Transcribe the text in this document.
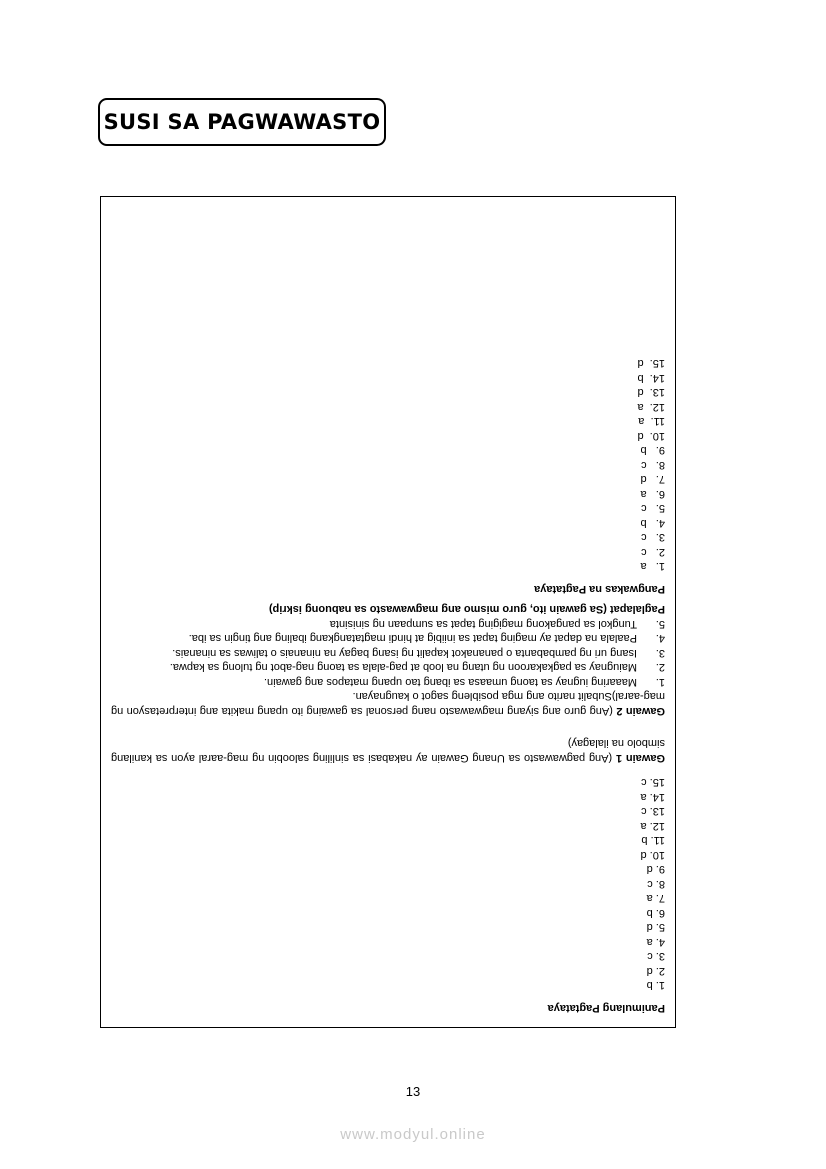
SUSI SA PAGWAWASTO

Panimulang Pagtataya

1. b
2. d
3. c
4. a
5. d
6. b
7. a
8. c
9. d
10. d
11. b
12. a
13. c
14. a
15. c

Gawain 1 (Ang pagwawasto sa Unang Gawain ay nakabasi sa sinliling saloobin ng mag-aaral ayon sa kanilang simbolo na ilalagay)

Gawain 2 (Ang guro ang siyang magwawasto nang personal sa gawaing ito upang makita ang interpretasyon ng mag-aaral)Subalit narito ang mga posibleng sagot o kaugnayan.

1.
Maaaring iugnay sa taong umaasa sa ibang tao upang matapos ang gawain.
2.
Maiugnay sa pagkakaroon ng utang na loob at pag-alala sa taong nag-abot ng tulong sa kapwa.
3.
Isang uri ng pambabanta o pananakot kapalit ng isang bagay na ninanais o taliwas sa ninanais.
4.
Paalala na dapat ay maging tapat sa iniibig at hindi magtatangkang ibaling ang tingin sa iba.
5.
Tungkol sa pangakong magiging tapat sa sumpaan ng sinisinta

Paglalapat (Sa gawain ito, guro mismo ang magwawasto sa nabuong iskrip)

Pangwakas na Pagtataya

1.   a
2.   c
3.   c
4.   b
5.   c
6.   a
7.   d
8.   c
9.   b
10.  d
11.  a
12.  a
13.  d
14.  b
15.  d
13
www.modyul.online
